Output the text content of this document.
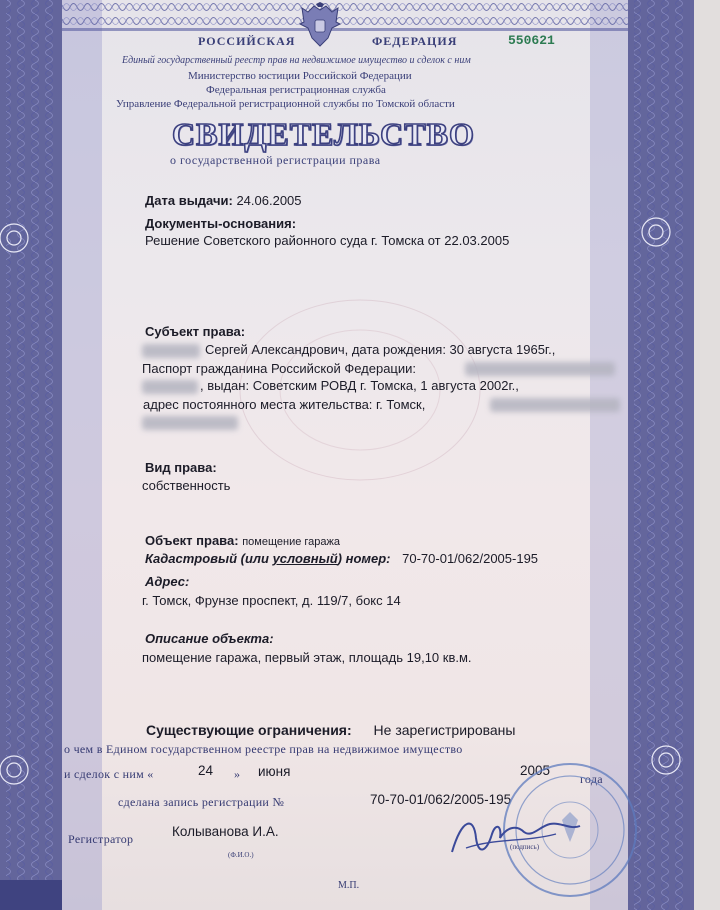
РОССИЙСКАЯ	ФЕДЕРАЦИЯ	550621
Единый государственный реестр прав на недвижимое имущество и сделок с ним
Министерство юстиции Российской Федерации
Федеральная регистрационная служба
Управление Федеральной регистрационной службы по Томской области
СВИДЕТЕЛЬСТВО
о государственной регистрации права
Дата выдачи: 24.06.2005
Документы-основания:
Решение Советского районного суда г. Томска от 22.03.2005
Субъект права:
Сергей Александрович, дата рождения: 30 августа 1965г.,
Паспорт гражданина Российской Федерации:
, выдан: Советским РОВД г. Томска, 1 августа 2002г.,
адрес постоянного места жительства: г. Томск,
Вид права:
собственность
Объект права: помещение гаража
Кадастровый (или условный) номер: 70-70-01/062/2005-195
Адрес:
г. Томск, Фрунзе проспект, д. 119/7, бокс 14
Описание объекта:
помещение гаража, первый этаж, площадь 19,10 кв.м.
Существующие ограничения: Не зарегистрированы
о чем в Едином государственном реестре прав на недвижимое имущество
и сделок с ним «	24 » июня	2005
года
сделана запись регистрации №	70-70-01/062/2005-195
Регистратор	Колыванова И.А.
(Ф.И.О.)
(подпись)
М.П.
